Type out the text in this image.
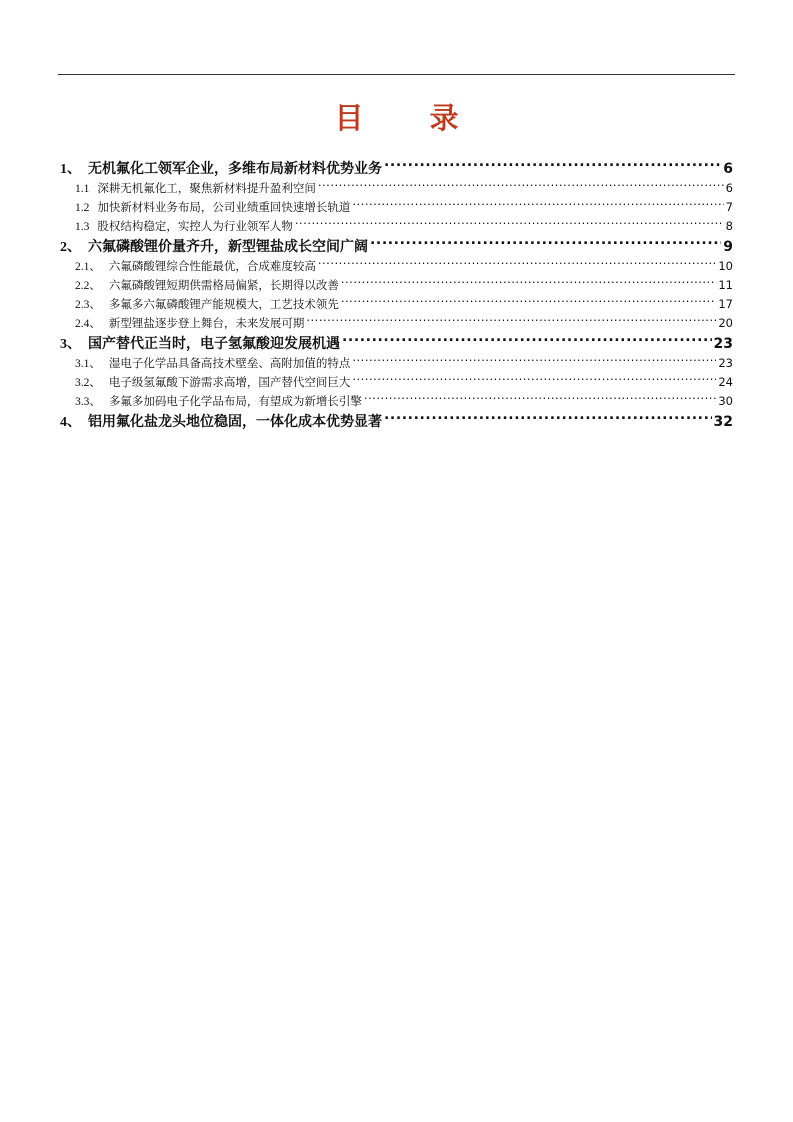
目 录
1、 无机氟化工领军企业，多维布局新材料优势业务 .....	6
1.1 深耕无机氟化工，聚焦新材料提升盈利空间 .....	6
1.2 加快新材料业务布局，公司业绩重回快速增长轨道 .....	7
1.3 股权结构稳定，实控人为行业领军人物 .....	8
2、 六氟磷酸锂价量齐升，新型锂盐成长空间广阔 .....	9
2.1、 六氟磷酸锂综合性能最优，合成难度较高 .....	10
2.2、 六氟磷酸锂短期供需格局偏紧，长期得以改善 .....	11
2.3、 多氟多六氟磷酸锂产能规模大，工艺技术领先 .....	17
2.4、 新型锂盐逐步登上舞台，未来发展可期 .....	20
3、 国产替代正当时，电子氢氟酸迎发展机遇 .....	23
3.1、 湿电子化学品具备高技术壁垒、高附加值的特点 .....	23
3.2、 电子级氢氟酸下游需求高增，国产替代空间巨大 .....	24
3.3、 多氟多加码电子化学品布局，有望成为新增长引擎 .....	30
4、 铝用氟化盐龙头地位稳固，一体化成本优势显著 .....	32
